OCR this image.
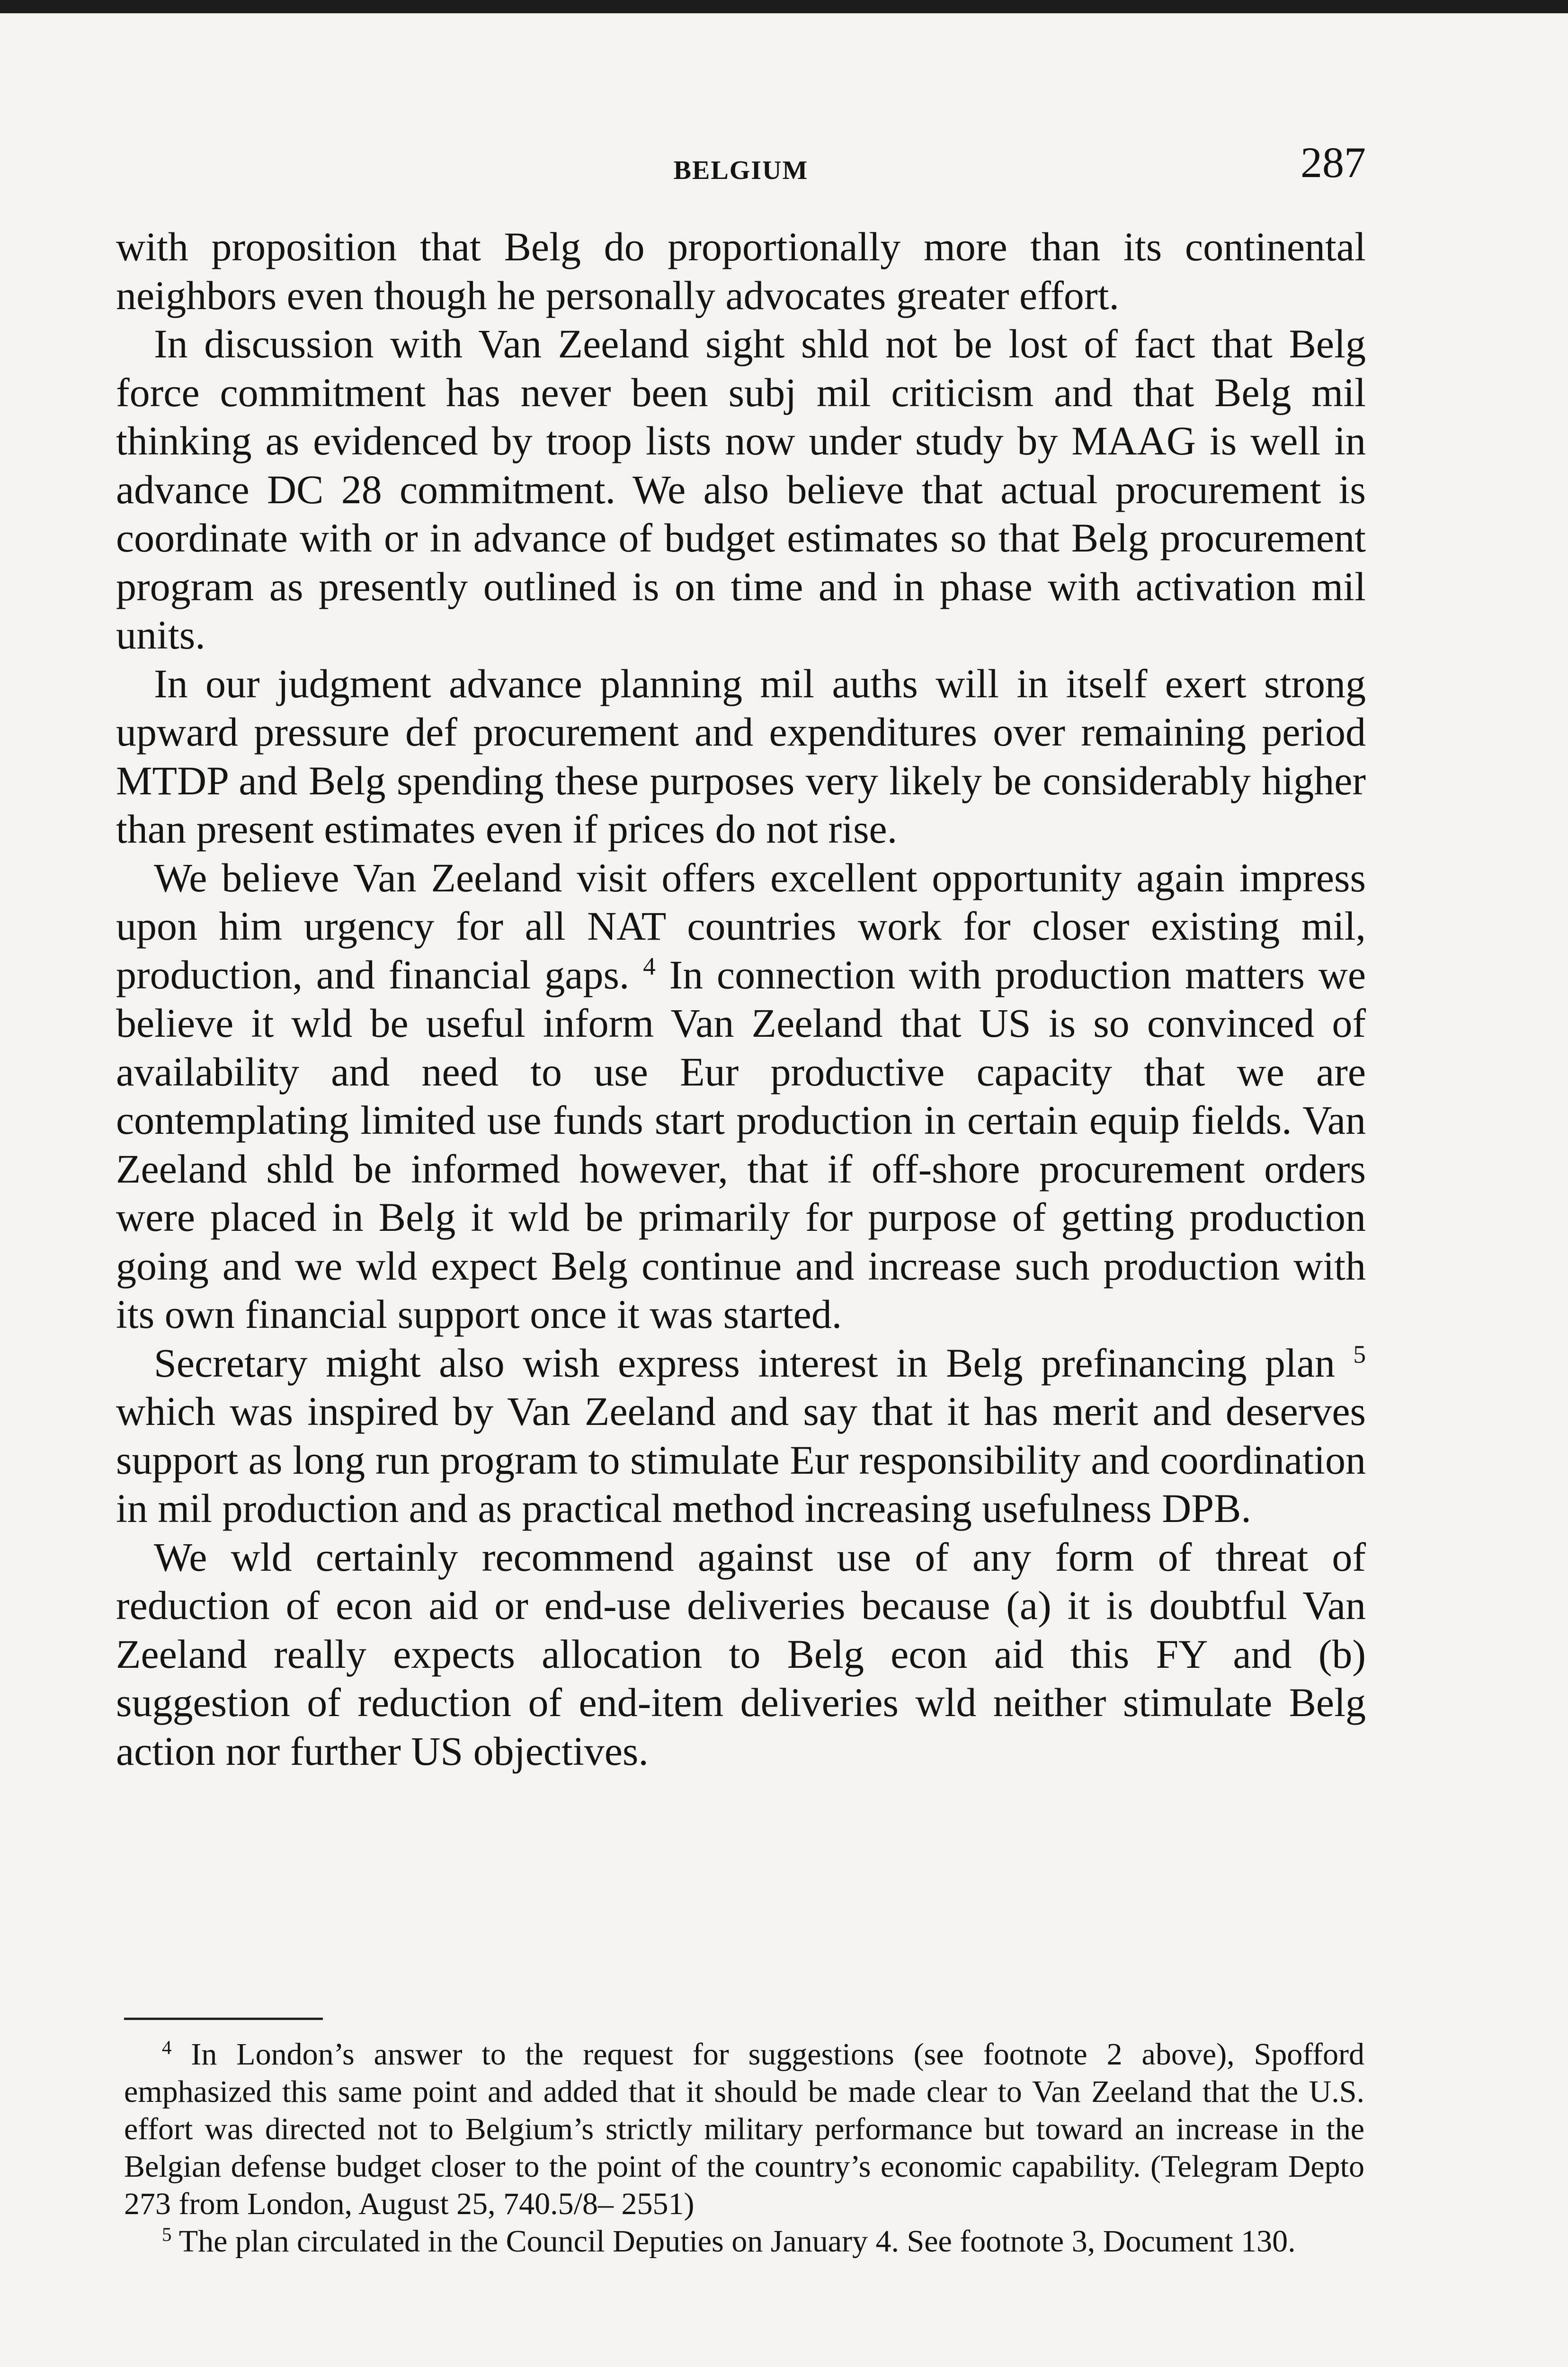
BELGIUM	287

with proposition that Belg do proportionally more than its continental neighbors even though he personally advocates greater effort.

In discussion with Van Zeeland sight shld not be lost of fact that Belg force commitment has never been subj mil criticism and that Belg mil thinking as evidenced by troop lists now under study by MAAG is well in advance DC 28 commitment. We also believe that actual procurement is coordinate with or in advance of budget estimates so that Belg procurement program as presently outlined is on time and in phase with activation mil units.

In our judgment advance planning mil auths will in itself exert strong upward pressure def procurement and expenditures over remaining period MTDP and Belg spending these purposes very likely be considerably higher than present estimates even if prices do not rise.

We believe Van Zeeland visit offers excellent opportunity again impress upon him urgency for all NAT countries work for closer existing mil, production, and financial gaps. $^4$ In connection with production matters we believe it wld be useful inform Van Zeeland that US is so convinced of availability and need to use Eur productive capacity that we are contemplating limited use funds start production in certain equip fields. Van Zeeland shld be informed however, that if off-shore procurement orders were placed in Belg it wld be primarily for purpose of getting production going and we wld expect Belg continue and increase such production with its own financial support once it was started.

Secretary might also wish express interest in Belg prefinancing plan $^5$ which was inspired by Van Zeeland and say that it has merit and deserves support as long run program to stimulate Eur responsibility and coordination in mil production and as practical method increasing usefulness DPB.

We wld certainly recommend against use of any form of threat of reduction of econ aid or end-use deliveries because (a) it is doubtful Van Zeeland really expects allocation to Belg econ aid this FY and (b) suggestion of reduction of end-item deliveries wld neither stimulate Belg action nor further US objectives.

$^4$ In London’s answer to the request for suggestions (see footnote 2 above), Spofford emphasized this same point and added that it should be made clear to Van Zeeland that the U.S. effort was directed not to Belgium’s strictly military performance but toward an increase in the Belgian defense budget closer to the point of the country’s economic capability. (Telegram Depto 273 from London, August 25, 740.5/8– 2551)

$^5$ The plan circulated in the Council Deputies on January 4. See footnote 3, Document 130.
